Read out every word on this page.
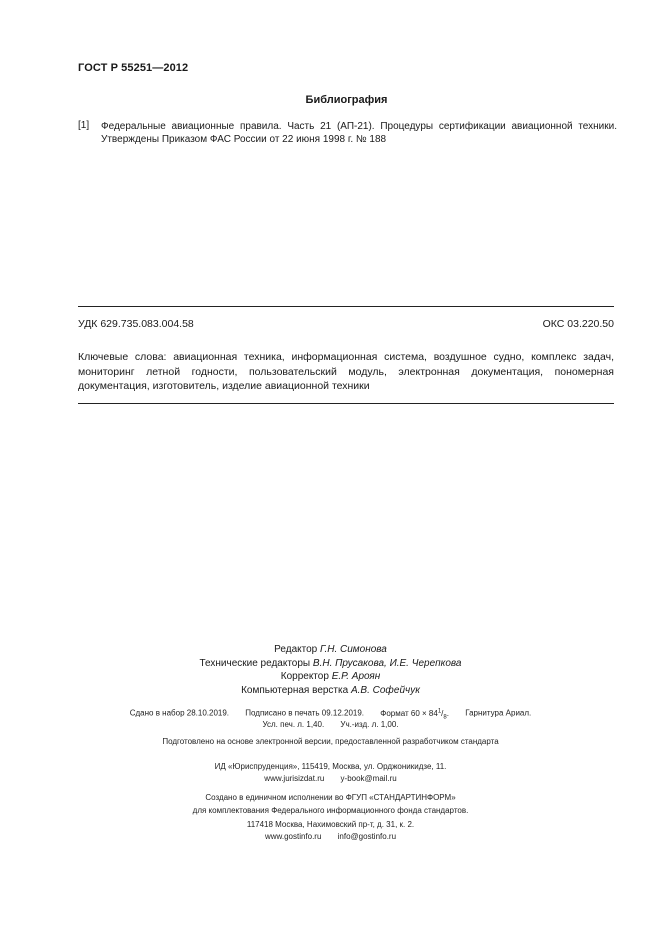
ГОСТ Р 55251—2012
Библиография
[1] Федеральные авиационные правила. Часть 21 (АП-21). Процедуры сертификации авиационной техники. Утверждены Приказом ФАС России от 22 июня 1998 г. № 188
УДК 629.735.083.004.58	ОКС 03.220.50
Ключевые слова: авиационная техника, информационная система, воздушное судно, комплекс задач, мониторинг летной годности, пользовательский модуль, электронная документация, пономерная документация, изготовитель, изделие авиационной техники
Редактор Г.Н. Симонова
Технические редакторы В.Н. Прусакова, И.Е. Черепкова
Корректор Е.Р. Ароян
Компьютерная верстка А.В. Софейчук
Сдано в набор 28.10.2019. Подписано в печать 09.12.2019. Формат $60 \times 84^1/_8$. Гарнитура Ариал.
Усл. печ. л. 1,40. Уч.-изд. л. 1,00.
Подготовлено на основе электронной версии, предоставленной разработчиком стандарта
ИД «Юриспруденция», 115419, Москва, ул. Орджоникидзе, 11.
www.jurisizdat.ru y-book@mail.ru
Создано в единичном исполнении во ФГУП «СТАНДАРТИНФОРМ»
для комплектования Федерального информационного фонда стандартов.
117418 Москва, Нахимовский пр-т, д. 31, к. 2.
www.gostinfo.ru info@gostinfo.ru
